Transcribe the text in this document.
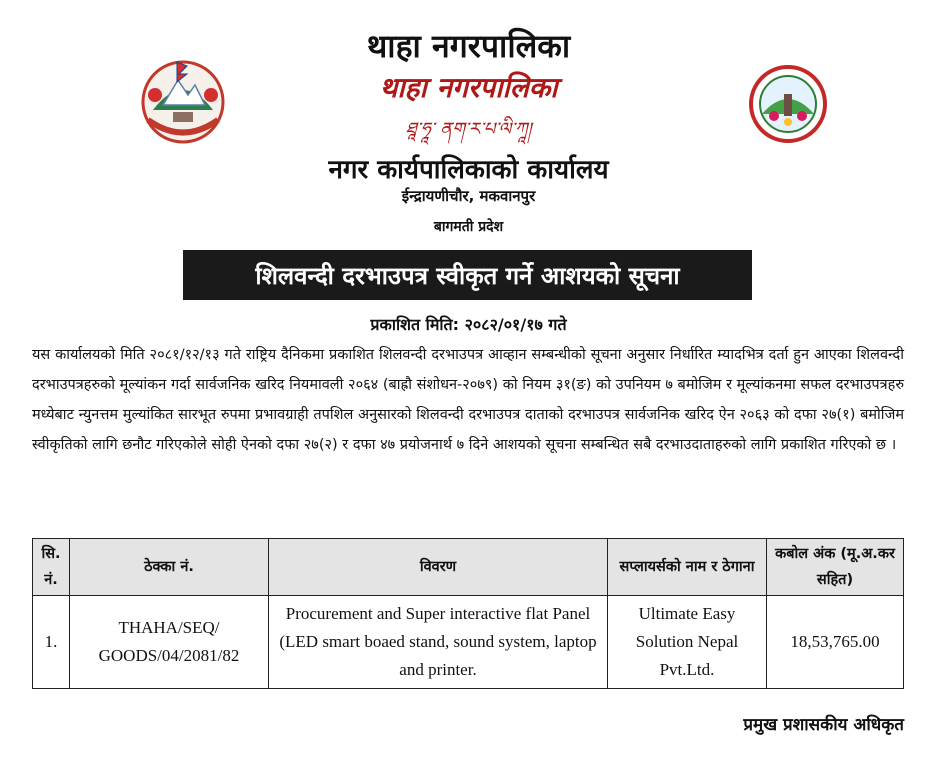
थाहा नगरपालिका
थाहा नगरपालिका
ཐཱ་ཧཱ་ ནག་ར་པ་ལི་ཀཱ།
नगर कार्यपालिकाको कार्यालय
ईन्द्रायणीचौर, मकवानपुर
बागमती प्रदेश
शिलवन्दी दरभाउपत्र स्वीकृत गर्ने आशयको सूचना
प्रकाशित मिति: २०८२/०१/१७ गते
यस कार्यालयको मिति २०८१/१२/१३ गते राष्ट्रिय दैनिकमा प्रकाशित शिलवन्दी दरभाउपत्र आव्हान सम्बन्धीको सूचना अनुसार निर्धारित म्यादभित्र दर्ता हुन आएका शिलवन्दी दरभाउपत्रहरुको मूल्यांकन गर्दा सार्वजनिक खरिद नियमावली २०६४ (बाह्रौ संशोधन-२०७९) को नियम ३१(ङ) को उपनियम ७ बमोजिम र मूल्यांकनमा सफल दरभाउपत्रहरु मध्येबाट न्युनत्तम मुल्यांकित सारभूत रुपमा प्रभावग्राही तपशिल अनुसारको शिलवन्दी दरभाउपत्र दाताको दरभाउपत्र सार्वजनिक खरिद ऐन २०६३ को दफा २७(१) बमोजिम स्वीकृतिको लागि छनौट गरिएकोले सोही ऐनको दफा २७(२) र दफा ४७ प्रयोजनार्थ ७ दिने आशयको सूचना सम्बन्धित सबै दरभाउदाताहरुको लागि प्रकाशित गरिएको छ ।
सि. नं.	ठेक्का नं.	विवरण	सप्लायर्सको नाम र ठेगाना	कबोल अंक (मू.अ.कर सहित)
1.	THAHA/SEQ/ GOODS/04/2081/82	Procurement and Super interactive flat Panel (LED smart boaed stand, sound system, laptop and printer.	Ultimate Easy Solution Nepal Pvt.Ltd.	18,53,765.00
प्रमुख प्रशासकीय अधिकृत
